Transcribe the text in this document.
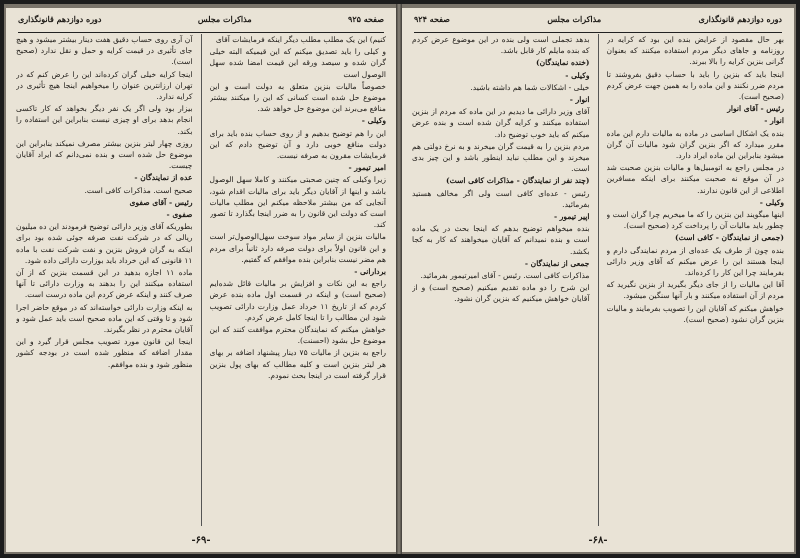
صفحه ۹۲۵
مذاکرات مجلس
دوره دوازدهم قانونگذاری

کنیم) این یک مطلب مطلب دیگر اینکه فرمایشات آقای

و کیلی را باید تصدیق میکنم که این قیمیکه البته خیلی گران شده و سیصد ورقه این قیمت امضا شده سهل الوصول است

خصوصاً مالیات بنزین متعلق به دولت است و این موضوع حل شده است کسانی که این را میکنند بیشتر منافع می‌برند این موضوع حل خواهد شد.

وکیلی -

این را هم توضیح بدهیم و از روی حساب بنده باید برای دولت منافع خوبی دارد و آن توضیح دادم که این فرمایشات مقرون به صرفه نیست.

امیر تیمور -

زیرا وکیلی که چنین صحبتی میکنند و کاملا سهل الوصول باشد و اینها از آقایان دیگر باید برای مالیات اقدام شود، آنجایی که من بیشتر ملاحظه میکنم این مطلب مالیات است که دولت این قانون را به ضرر اینجا بگذارد تا تصور کند.

مالیات بنزین از سایر مواد سوخت سهل‌الوصول‌تر است و این قانون اولاً برای دولت صرفه دارد ثانیاً برای مردم هم مضر نیست بنابراین بنده موافقم که گفتیم.

بردارانی -

راجع به این نکات و افزایش بر مالیات قائل شده‌ایم (صحیح است) و اینکه در قسمت اول ماده بنده عرض کردم که از تاریخ ۱۱ خرداد عمل وزارت دارائی تصویب شود این مطالب را تا اینجا کامل عرض کردم.

خواهش میکنم که نمایندگان محترم موافقت کنند که این موضوع حل بشود (احسنت).

راجع به بنزین از مالیات ۷۵ دینار پیشنهاد اضافه بر بهای هر لیتر بنزین است و کلیه مطالب که بهای پول بنزین قرار گرفته است در اینجا بحث نمودم.

آن آری روی حساب دقیق هفت دینار بیشتر میشود و هیچ جای تأثیری در قیمت کرایه و حمل و نقل ندارد (صحیح است).

اینجا کرایه خیلی گران کرده‌اند این را عرض کنم که در تهران ارزانترین عنوان را میخواهیم اینجا هیچ تأثیری در کرایه ندارد.

بیزار بود ولی اگر یک نفر دیگر بخواهد که کار تاکسی انجام بدهد برای او چیزی نیست بنابراین این استفاده را بکند.

روزی چهار لیتر بنزین بیشتر مصرف نمیکند بنابراین این موضوع حل شده است و بنده نمی‌دانم که ایراد آقایان چیست.

عده از نمایندگان -

صحیح است. مذاکرات کافی است.

رئیس - آقای صفوی

صفوی -

بطوریکه آقای وزیر دارائی توضیح فرمودند این ده میلیون ریالی که در شرکت نفت صرفه جوئی شده بود برای اینکه به گران فروش بنزین و نفت شرکت نفت با ماده ۱۱ قانونی که این خرداد باید بوزارت دارائی داده شود.

ماده ۱۱ اجازه بدهید در این قسمت بنزین که از آن استفاده میکنند این را بدهند به وزارت دارائی تا آنها صرف کنند و اینکه عرض کردم این ماده درست است.

به اینکه وزارت دارائی خواسته‌اند که در موقع حاضر اجرا شود و تا وقتی که این ماده صحیح است باید عمل شود و آقایان محترم در نظر بگیرند.

اینجا این قانون مورد تصویب مجلس قرار گیرد و این مقدار اضافه که منظور شده است در بودجه کشور منظور شود و بنده موافقم.

-۶۹-
دوره دوازدهم قانونگذاری
مذاکرات مجلس
صفحه ۹۲۴

بهر حال مقصود از عرایض بنده این بود که کرایه در روزنامه و جاهای دیگر مردم استفاده میکنند که بعنوان گرانی بنزین کرایه را بالا ببرند.

اینجا باید که بنزین را باید با حساب دقیق بفروشند تا مردم ضرر نکنند و این ماده را به همین جهت عرض کردم (صحیح است).

رئیس - آقای انوار

انوار -

بنده یک اشکال اساسی در ماده به مالیات دارم این ماده مقرر میدارد که اگر بنزین گران شود مالیات آن گران میشود بنابراین این ماده ایراد دارد.

در مجلس راجع به اتومبیل‌ها و مالیات بنزین صحبت شد در آن موقع نه صحبت میکنند برای اینکه مسافرین اطلاعی از این قانون ندارند.

وکیلی -

اینها میگویند این بنزین را که ما میخریم چرا گران است و چطور باید مالیات آن را پرداخت کرد (صحیح است).

(جمعی از نمایندگان - کافی است)

بنده چون از طرف یک عده‌ای از مردم نمایندگی دارم و اینجا هستند این را عرض میکنم که آقای وزیر دارائی بفرمایند چرا این کار را کرده‌اند.

آقا این مالیات را از جای دیگر بگیرید از بنزین نگیرید که مردم از آن استفاده میکنند و بار آنها سنگین میشود.

خواهش میکنم که آقایان این را تصویب بفرمایند و مالیات بنزین گران نشود (صحیح است).

بدهد تجملی است ولی بنده در این موضوع عرض کردم که بنده مایلم کار قابل باشد.

(خنده نمایندگان)

وکیلی -

خیلی - اشکالات شما هم داشته باشید.

انوار -

آقای وزیر دارائی ما دیدیم در این ماده که مردم از بنزین استفاده میکنند و کرایه گران شده است و بنده عرض میکنم که باید خوب توضیح داد.

مردم بنزین را به قیمت گران میخرند و به نرخ دولتی هم میخرند و این مطلب نباید اینطور باشد و این چیز بدی است.

(چند نفر از نمایندگان - مذاکرات کافی است)

رئیس - عده‌ای کافی است ولی اگر مخالف هستید بفرمائید.

اپیر تیمور -

بنده میخواهم توضیح بدهم که اینجا بحث در یک ماده است و بنده نمیدانم که آقایان میخواهند که کار به کجا بکشد.

جمعی از نمایندگان -

مذاکرات کافی است. رئیس - آقای امیرتیمور بفرمائید.

این شرح را دو ماده تقدیم میکنیم (صحیح است) و از آقایان خواهش میکنیم که بنزین گران نشود.

-۶۸-
